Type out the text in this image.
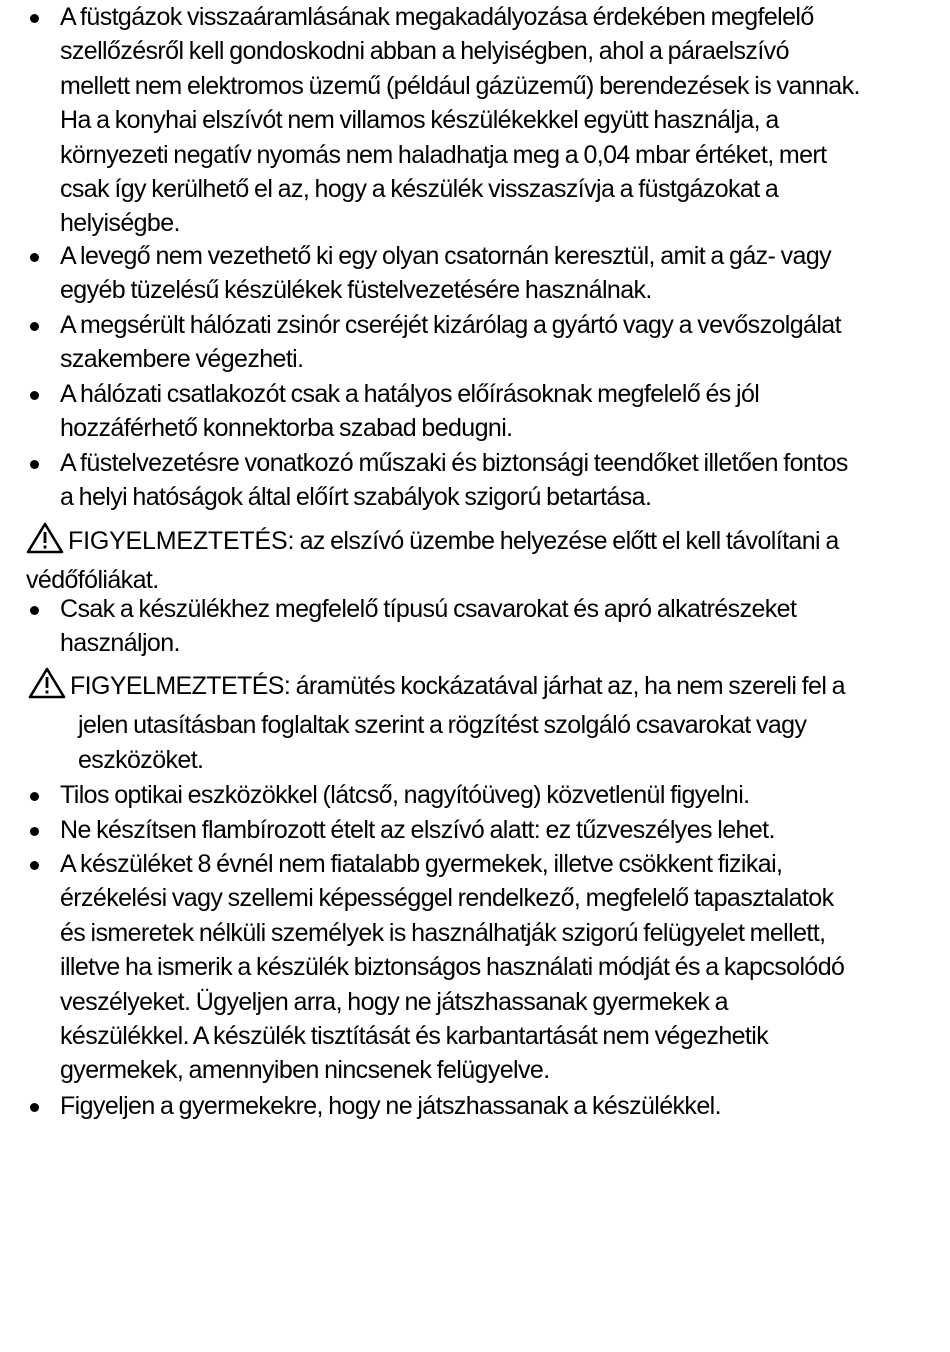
A füstgázok visszaáramlásának megakadályozása érdekében megfelelő szellőzésről kell gondoskodni abban a helyiségben, ahol a páraelszívó mellett nem elektromos üzemű (például gázüzemű) berendezések is vannak. Ha a konyhai elszívót nem villamos készülékekkel együtt használja, a környezeti negatív nyomás nem haladhatja meg a 0,04 mbar értéket, mert csak így kerülhető el az, hogy a készülék visszaszívja a füstgázokat a helyiségbe.
A levegő nem vezethető ki egy olyan csatornán keresztül, amit a gáz- vagy egyéb tüzelésű készülékek füstelvezetésére használnak.
A megsérült hálózati zsinór cseréjét kizárólag a gyártó vagy a vevőszolgálat szakembere végezheti.
A hálózati csatlakozót csak a hatályos előírásoknak megfelelő és jól hozzáférhető konnektorba szabad bedugni.
A füstelvezetésre vonatkozó műszaki és biztonsági teendőket illetően fontos a helyi hatóságok által előírt szabályok szigorú betartása.
FIGYELMEZTETÉS: az elszívó üzembe helyezése előtt el kell távolítani a védőfóliákat.
Csak a készülékhez megfelelő típusú csavarokat és apró alkatrészeket használjon.
FIGYELMEZTETÉS: áramütés kockázatával járhat az, ha nem szereli fel a jelen utasításban foglaltak szerint a rögzítést szolgáló csavarokat vagy eszközöket.
Tilos optikai eszközökkel (látcső, nagyítóüveg) közvetlenül figyelni.
Ne készítsen flambírozott ételt az elszívó alatt: ez tűzveszélyes lehet.
A készüléket 8 évnél nem fiatalabb gyermekek, illetve csökkent fizikai, érzékelési vagy szellemi képességgel rendelkező, megfelelő tapasztalatok és ismeretek nélküli személyek is használhatják szigorú felügyelet mellett, illetve ha ismerik a készülék biztonságos használati módját és a kapcsolódó veszélyeket. Ügyeljen arra, hogy ne játszhassanak gyermekek a készülékkel. A készülék tisztítását és karbantartását nem végezhetik gyermekek, amennyiben nincsenek felügyelve.
Figyeljen a gyermekekre, hogy ne játszhassanak a készülékkel.
